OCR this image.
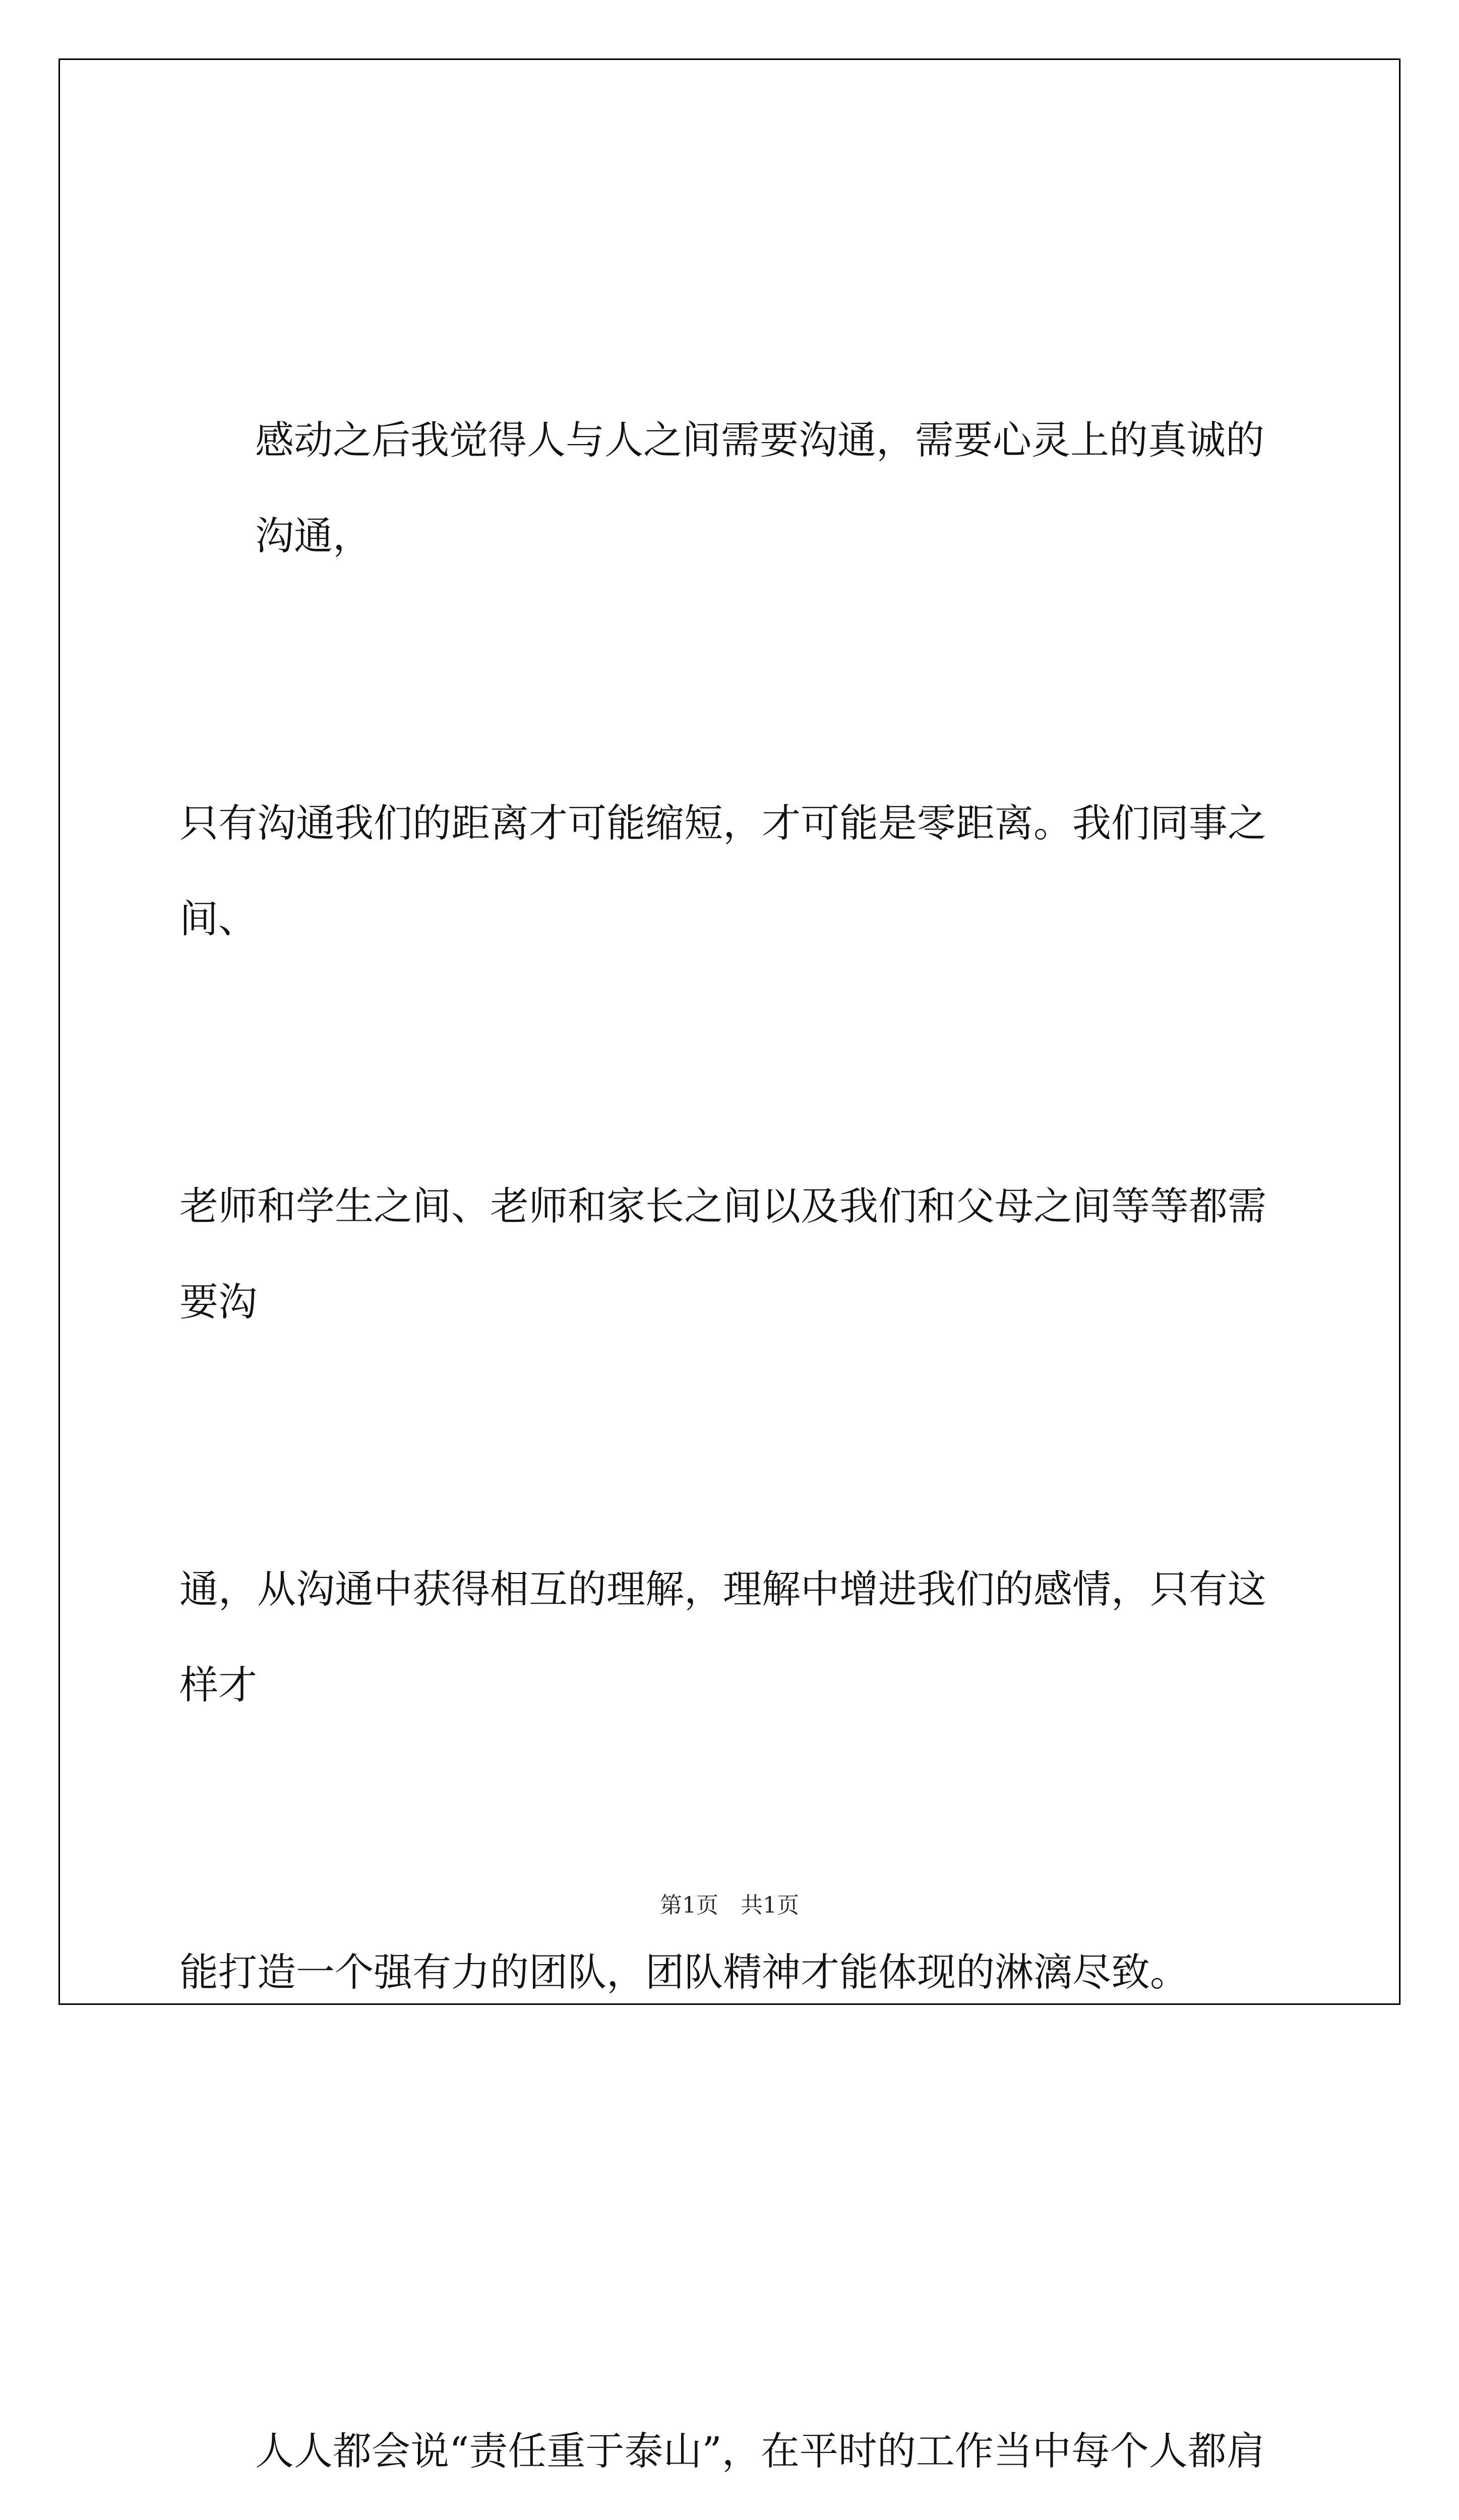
感动之后我觉得人与人之间需要沟通，需要心灵上的真诚的沟通，

只有沟通我们的距离才可能缩短，才可能是零距离。我们同事之间、

老师和学生之间、老师和家长之间以及我们和父母之间等等都需要沟

通，从沟通中获得相互的理解，理解中增进我们的感情，只有这样才

能打造一个强有力的团队，团队精神才能体现的淋漓尽致。

人人都会说“责任重于泰山”，在平时的工作当中每个人都肩

第1页　共1页
